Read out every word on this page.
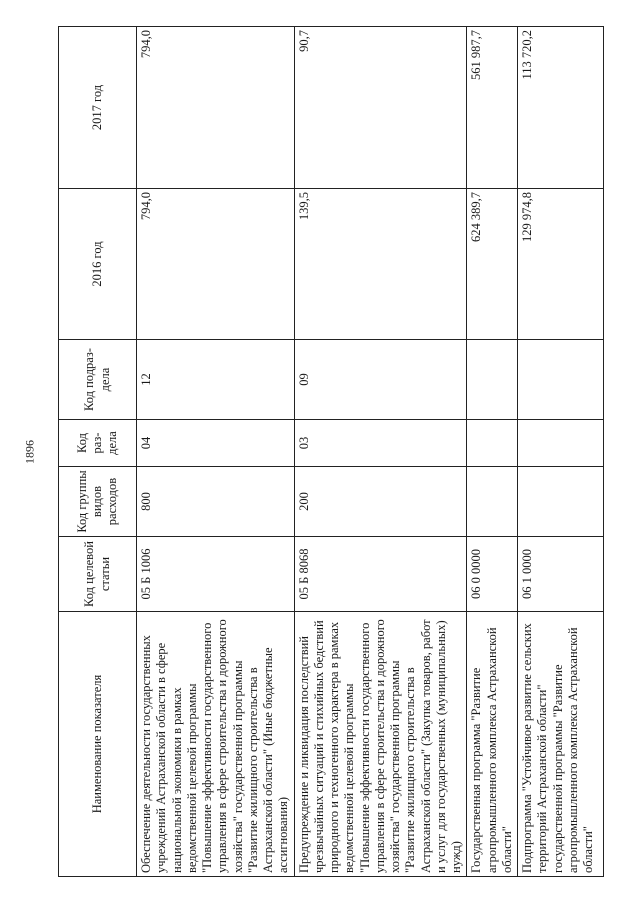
1896
Наименование показателя	Код целевой статьи	Код группы видов расходов	Код раз- дела	Код подраз- дела	2016 год	2017 год
Обеспечение деятельности государственных учреждений Астраханской области в сфере национальной экономики в рамках ведомственной целевой программы "Повышение эффективности государственного управления в сфере строительства и дорожного хозяйства" государственной программы "Развитие жилищного строительства в Астраханской области" (Иные бюджетные ассигнования)	05 Б 1006	800	04	12	794,0	794,0
Предупреждение и ликвидация последствий чрезвычайных ситуаций и стихийных бедствий природного и техногенного характера в рамках ведомственной целевой программы "Повышение эффективности государственного управления в сфере строительства и дорожного хозяйства" государственной программы "Развитие жилищного строительства в Астраханской области" (Закупка товаров, работ и услуг для государственных (муниципальных) нужд)	05 Б 8068	200	03	09	139,5	90,7
Государственная программа "Развитие агропромышленного комплекса Астраханской области"	06 0 0000				624 389,7	561 987,7
Подпрограмма "Устойчивое развитие сельских территорий Астраханской области" государственной программы "Развитие агропромышленного комплекса Астраханской области"	06 1 0000				129 974,8	113 720,2
